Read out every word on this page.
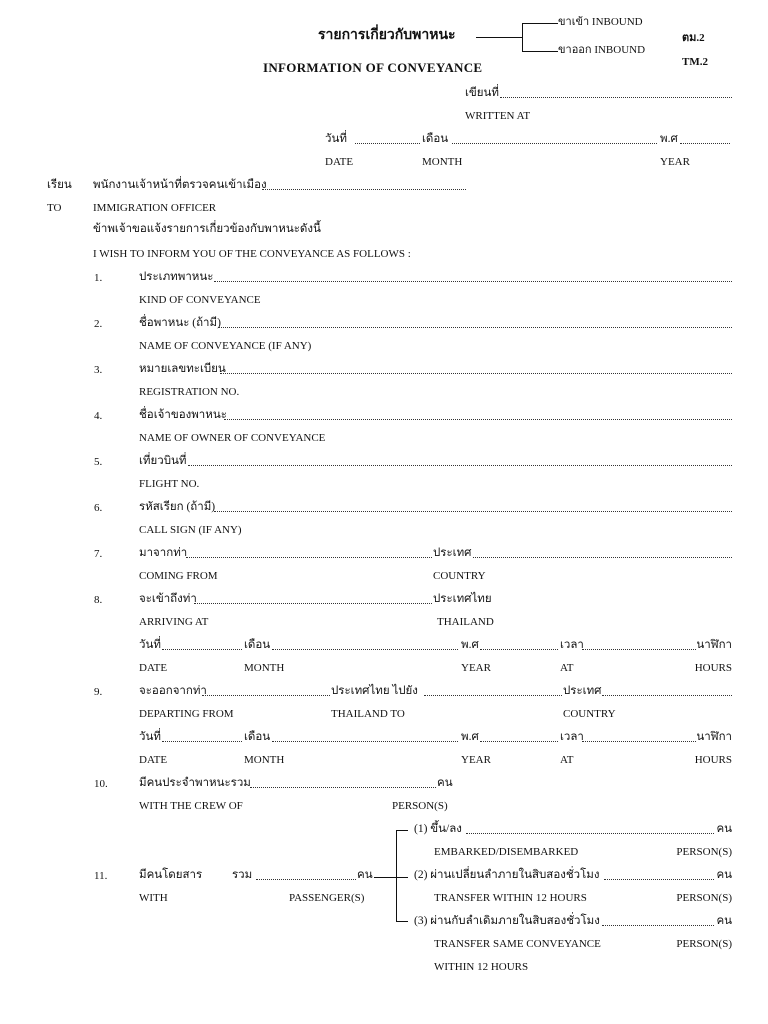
รายการเกี่ยวกับพาหนะ
ขาเข้า INBOUND
ขาออก INBOUND
ตม.2
TM.2
INFORMATION OF CONVEYANCE
เขียนที่
WRITTEN AT
วันที่	เดือน	พ.ศ
DATE	MONTH	YEAR
เรียน พนักงานเจ้าหน้าที่ตรวจคนเข้าเมือง
TO	IMMIGRATION OFFICER
ข้าพเจ้าขอแจ้งรายการเกี่ยวข้องกับพาหนะดังนี้
I WISH TO INFORM YOU OF THE CONVEYANCE AS FOLLOWS :
1.	ประเภทพาหนะ
KIND OF CONVEYANCE
2.	ชื่อพาหนะ (ถ้ามี)
NAME OF CONVEYANCE (IF ANY)
3.	หมายเลขทะเบียน
REGISTRATION NO.
4.	ชื่อเจ้าของพาหนะ
NAME OF OWNER OF CONVEYANCE
5.	เที่ยวบินที่
FLIGHT NO.
6.	รหัสเรียก (ถ้ามี)
CALL SIGN (IF ANY)
7.	มาจากท่า	ประเทศ
COMING FROM	COUNTRY
8.	จะเข้าถึงท่า	ประเทศไทย
ARRIVING AT	THAILAND
วันที่	เดือน	พ.ศ	เวลา	นาฬิกา
DATE	MONTH	YEAR	AT	HOURS
9.	จะออกจากท่า	ประเทศไทย ไปยัง	ประเทศ
DEPARTING FROM	THAILAND TO	COUNTRY
วันที่	เดือน	พ.ศ	เวลา	นาฬิกา
DATE	MONTH	YEAR	AT	HOURS
10.	มีคนประจำพาหนะรวม	คน
WITH THE CREW OF	PERSON(S)
11.	มีคนโดยสาร	รวม	คน
WITH	PASSENGER(S)
(1) ขึ้น/ลง	คน
EMBARKED/DISEMBARKED	PERSON(S)
(2) ผ่านเปลี่ยนลำภายในสิบสองชั่วโมง	คน
TRANSFER WITHIN 12 HOURS	PERSON(S)
(3) ผ่านกับลำเดิมภายในสิบสองชั่วโมง	คน
TRANSFER SAME CONVEYANCE	PERSON(S)
WITHIN 12 HOURS
